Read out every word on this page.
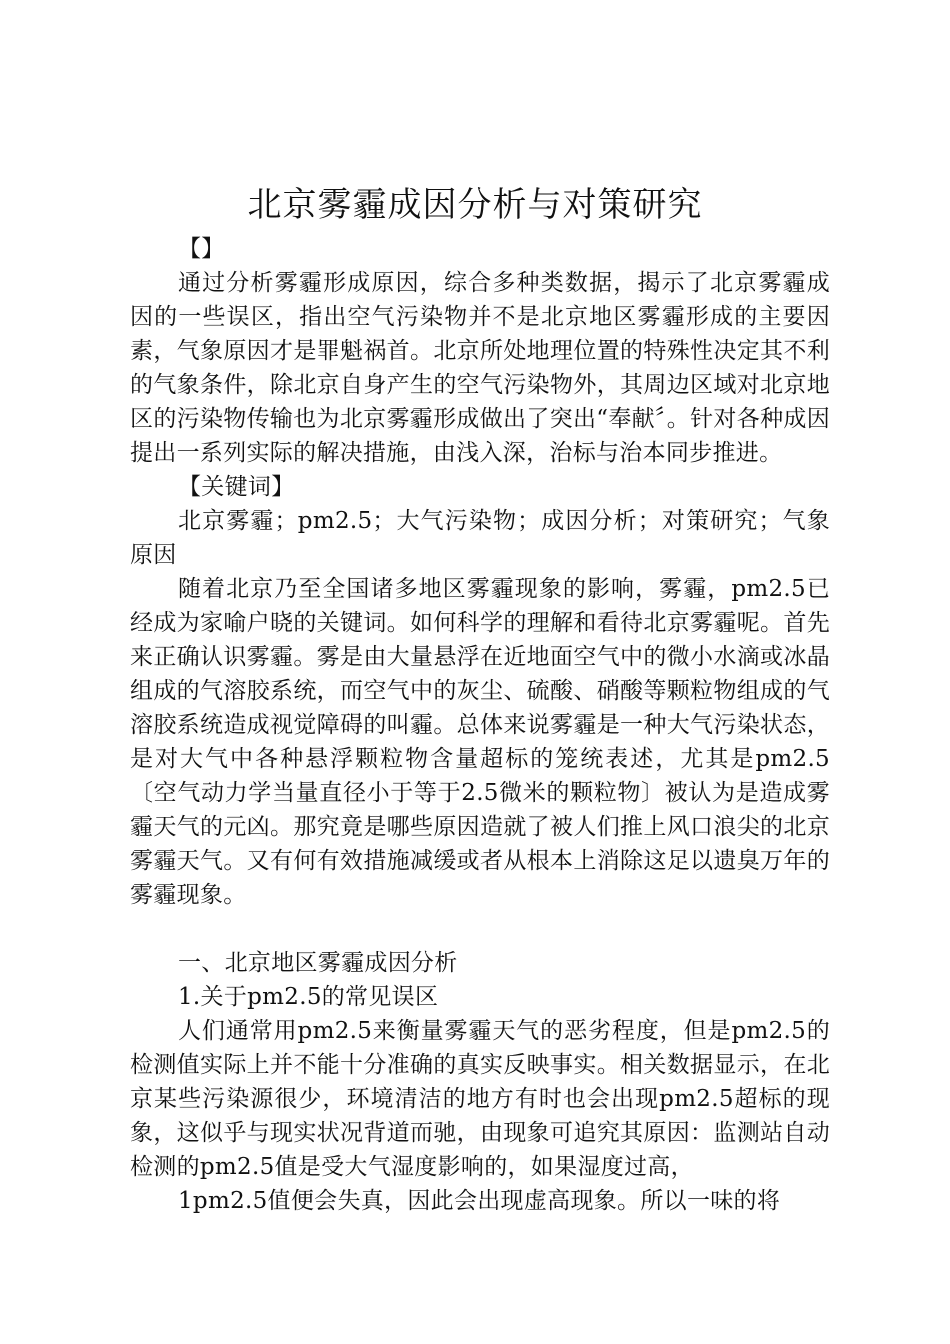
北京雾霾成因分析与对策研究

【】

通过分析雾霾形成原因，综合多种类数据，揭示了北京雾霾成因的一些误区，指出空气污染物并不是北京地区雾霾形成的主要因素，气象原因才是罪魁祸首。北京所处地理位置的特殊性决定其不利的气象条件，除北京自身产生的空气污染物外，其周边区域对北京地区的污染物传输也为北京雾霾形成做出了突出“奉献〞。针对各种成因提出一系列实际的解决措施，由浅入深，治标与治本同步推进。

【关键词】

北京雾霾；pm2.5；大气污染物；成因分析；对策研究；气象原因

随着北京乃至全国诸多地区雾霾现象的影响，雾霾，pm2.5已经成为家喻户晓的关键词。如何科学的理解和看待北京雾霾呢。首先来正确认识雾霾。雾是由大量悬浮在近地面空气中的微小水滴或冰晶组成的气溶胶系统，而空气中的灰尘、硫酸、硝酸等颗粒物组成的气溶胶系统造成视觉障碍的叫霾。总体来说雾霾是一种大气污染状态，是对大气中各种悬浮颗粒物含量超标的笼统表述，尤其是pm2.5〔空气动力学当量直径小于等于2.5微米的颗粒物〕被认为是造成雾霾天气的元凶。那究竟是哪些原因造就了被人们推上风口浪尖的北京雾霾天气。又有何有效措施减缓或者从根本上消除这足以遗臭万年的雾霾现象。

一、北京地区雾霾成因分析

1.关于pm2.5的常见误区

人们通常用pm2.5来衡量雾霾天气的恶劣程度，但是pm2.5的检测值实际上并不能十分准确的真实反映事实。相关数据显示，在北京某些污染源很少，环境清洁的地方有时也会出现pm2.5超标的现象，这似乎与现实状况背道而驰，由现象可追究其原因：监测站自动检测的pm2.5值是受大气湿度影响的，如果湿度过高，

1pm2.5值便会失真，因此会出现虚高现象。所以一味的将
